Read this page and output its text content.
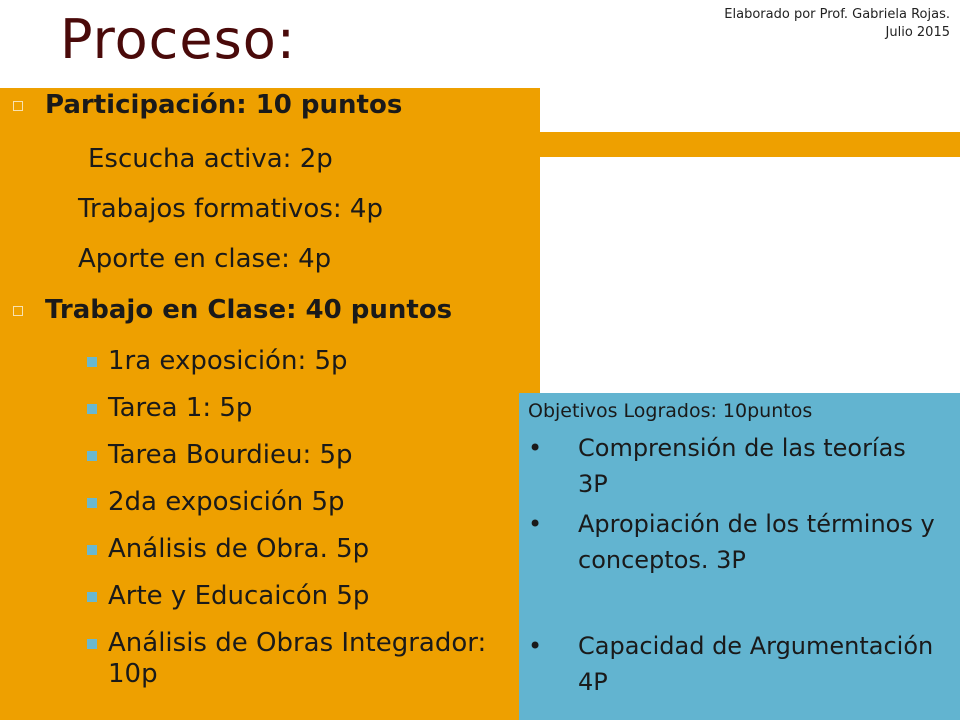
Proceso:	Elaborado por Prof. Gabriela Rojas.
Julio 2015
Participación: 10 puntos
Escucha activa: 2p
Trabajos formativos: 4p
Aporte en clase: 4p
Trabajo en Clase: 40 puntos
1ra exposición: 5p
Tarea 1: 5p
Tarea Bourdieu: 5p
2da exposición 5p
Análisis de Obra. 5p
Arte y Educaicón 5p
Análisis de Obras Integrador: 10p
Objetivos Logrados: 10puntos
• Comprensión de las teorías 3P
• Apropiación de los términos y conceptos. 3P
• Capacidad de Argumentación 4P
